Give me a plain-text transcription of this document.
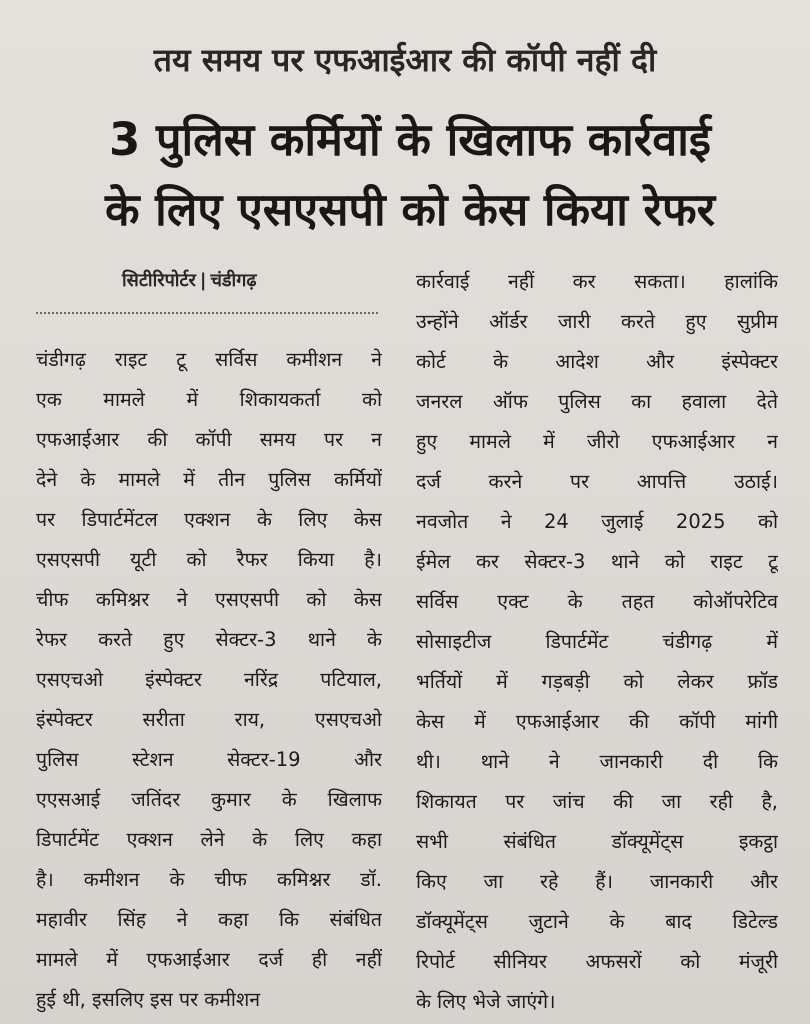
तय समय पर एफआईआर की कॉपी नहीं दी
3 पुलिस कर्मियों के खिलाफ कार्रवाई
के लिए एसएसपी को केस किया रेफर
सिटीरिपोर्टर | चंडीगढ़
चंडीगढ़ राइट टू सर्विस कमीशन ने
एक मामले में शिकायकर्ता को
एफआईआर की कॉपी समय पर न
देने के मामले में तीन पुलिस कर्मियों
पर डिपार्टमेंटल एक्शन के लिए केस
एसएसपी यूटी को रैफर किया है।
चीफ कमिश्नर ने एसएसपी को केस
रेफर करते हुए सेक्टर-3 थाने के
एसएचओ इंस्पेक्टर नरिंद्र पटियाल,
इंस्पेक्टर सरीता राय, एसएचओ
पुलिस स्टेशन सेक्टर-19 और
एएसआई जतिंदर कुमार के खिलाफ
डिपार्टमेंट एक्शन लेने के लिए कहा
है। कमीशन के चीफ कमिश्नर डॉ.
महावीर सिंह ने कहा कि संबंधित
मामले में एफआईआर दर्ज ही नहीं
हुई थी, इसलिए इस पर कमीशन
कार्रवाई नहीं कर सकता। हालांकि
उन्होंने ऑर्डर जारी करते हुए सुप्रीम
कोर्ट के आदेश और इंस्पेक्टर
जनरल ऑफ पुलिस का हवाला देते
हुए मामले में जीरो एफआईआर न
दर्ज करने पर आपत्ति उठाई।
नवजोत ने 24 जुलाई 2025 को
ईमेल कर सेक्टर-3 थाने को राइट टू
सर्विस एक्ट के तहत कोऑपरेटिव
सोसाइटीज डिपार्टमेंट चंडीगढ़ में
भर्तियों में गड़बड़ी को लेकर फ्रॉड
केस में एफआईआर की कॉपी मांगी
थी। थाने ने जानकारी दी कि
शिकायत पर जांच की जा रही है,
सभी संबंधित डॉक्यूमेंट्स इकट्ठा
किए जा रहे हैं। जानकारी और
डॉक्यूमेंट्स जुटाने के बाद डिटेल्ड
रिपोर्ट सीनियर अफसरों को मंजूरी
के लिए भेजे जाएंगे।
